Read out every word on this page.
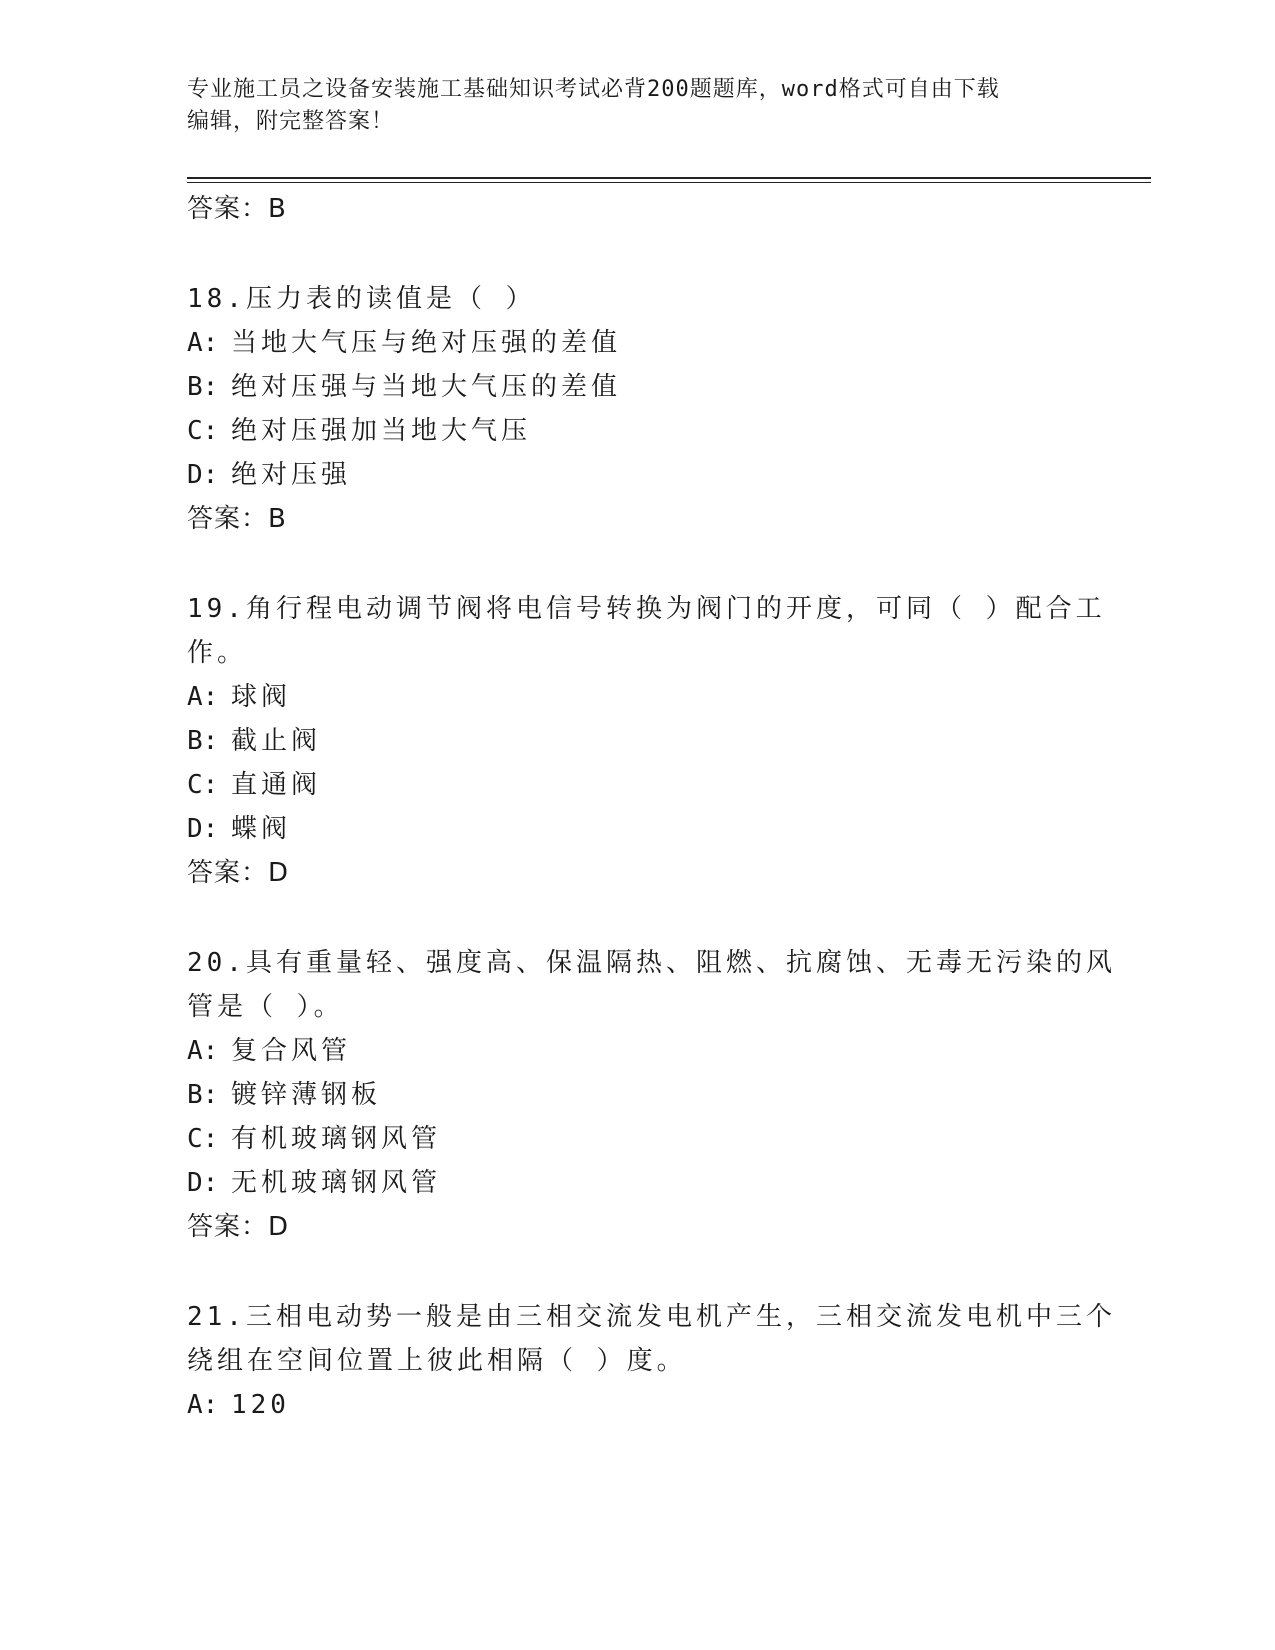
专业施工员之设备安装施工基础知识考试必背200题题库，word格式可自由下载
编辑，附完整答案！
答案：B
18.压力表的读值是（ ）
A: 当地大气压与绝对压强的差值
B: 绝对压强与当地大气压的差值
C: 绝对压强加当地大气压
D: 绝对压强
答案：B
19.角行程电动调节阀将电信号转换为阀门的开度，可同（ ）配合工
作。
A: 球阀
B: 截止阀
C: 直通阀
D: 蝶阀
答案：D
20.具有重量轻、强度高、保温隔热、阻燃、抗腐蚀、无毒无污染的风
管是（ ）。
A: 复合风管
B: 镀锌薄钢板
C: 有机玻璃钢风管
D: 无机玻璃钢风管
答案：D
21.三相电动势一般是由三相交流发电机产生，三相交流发电机中三个
绕组在空间位置上彼此相隔（ ）度。
A: 120
